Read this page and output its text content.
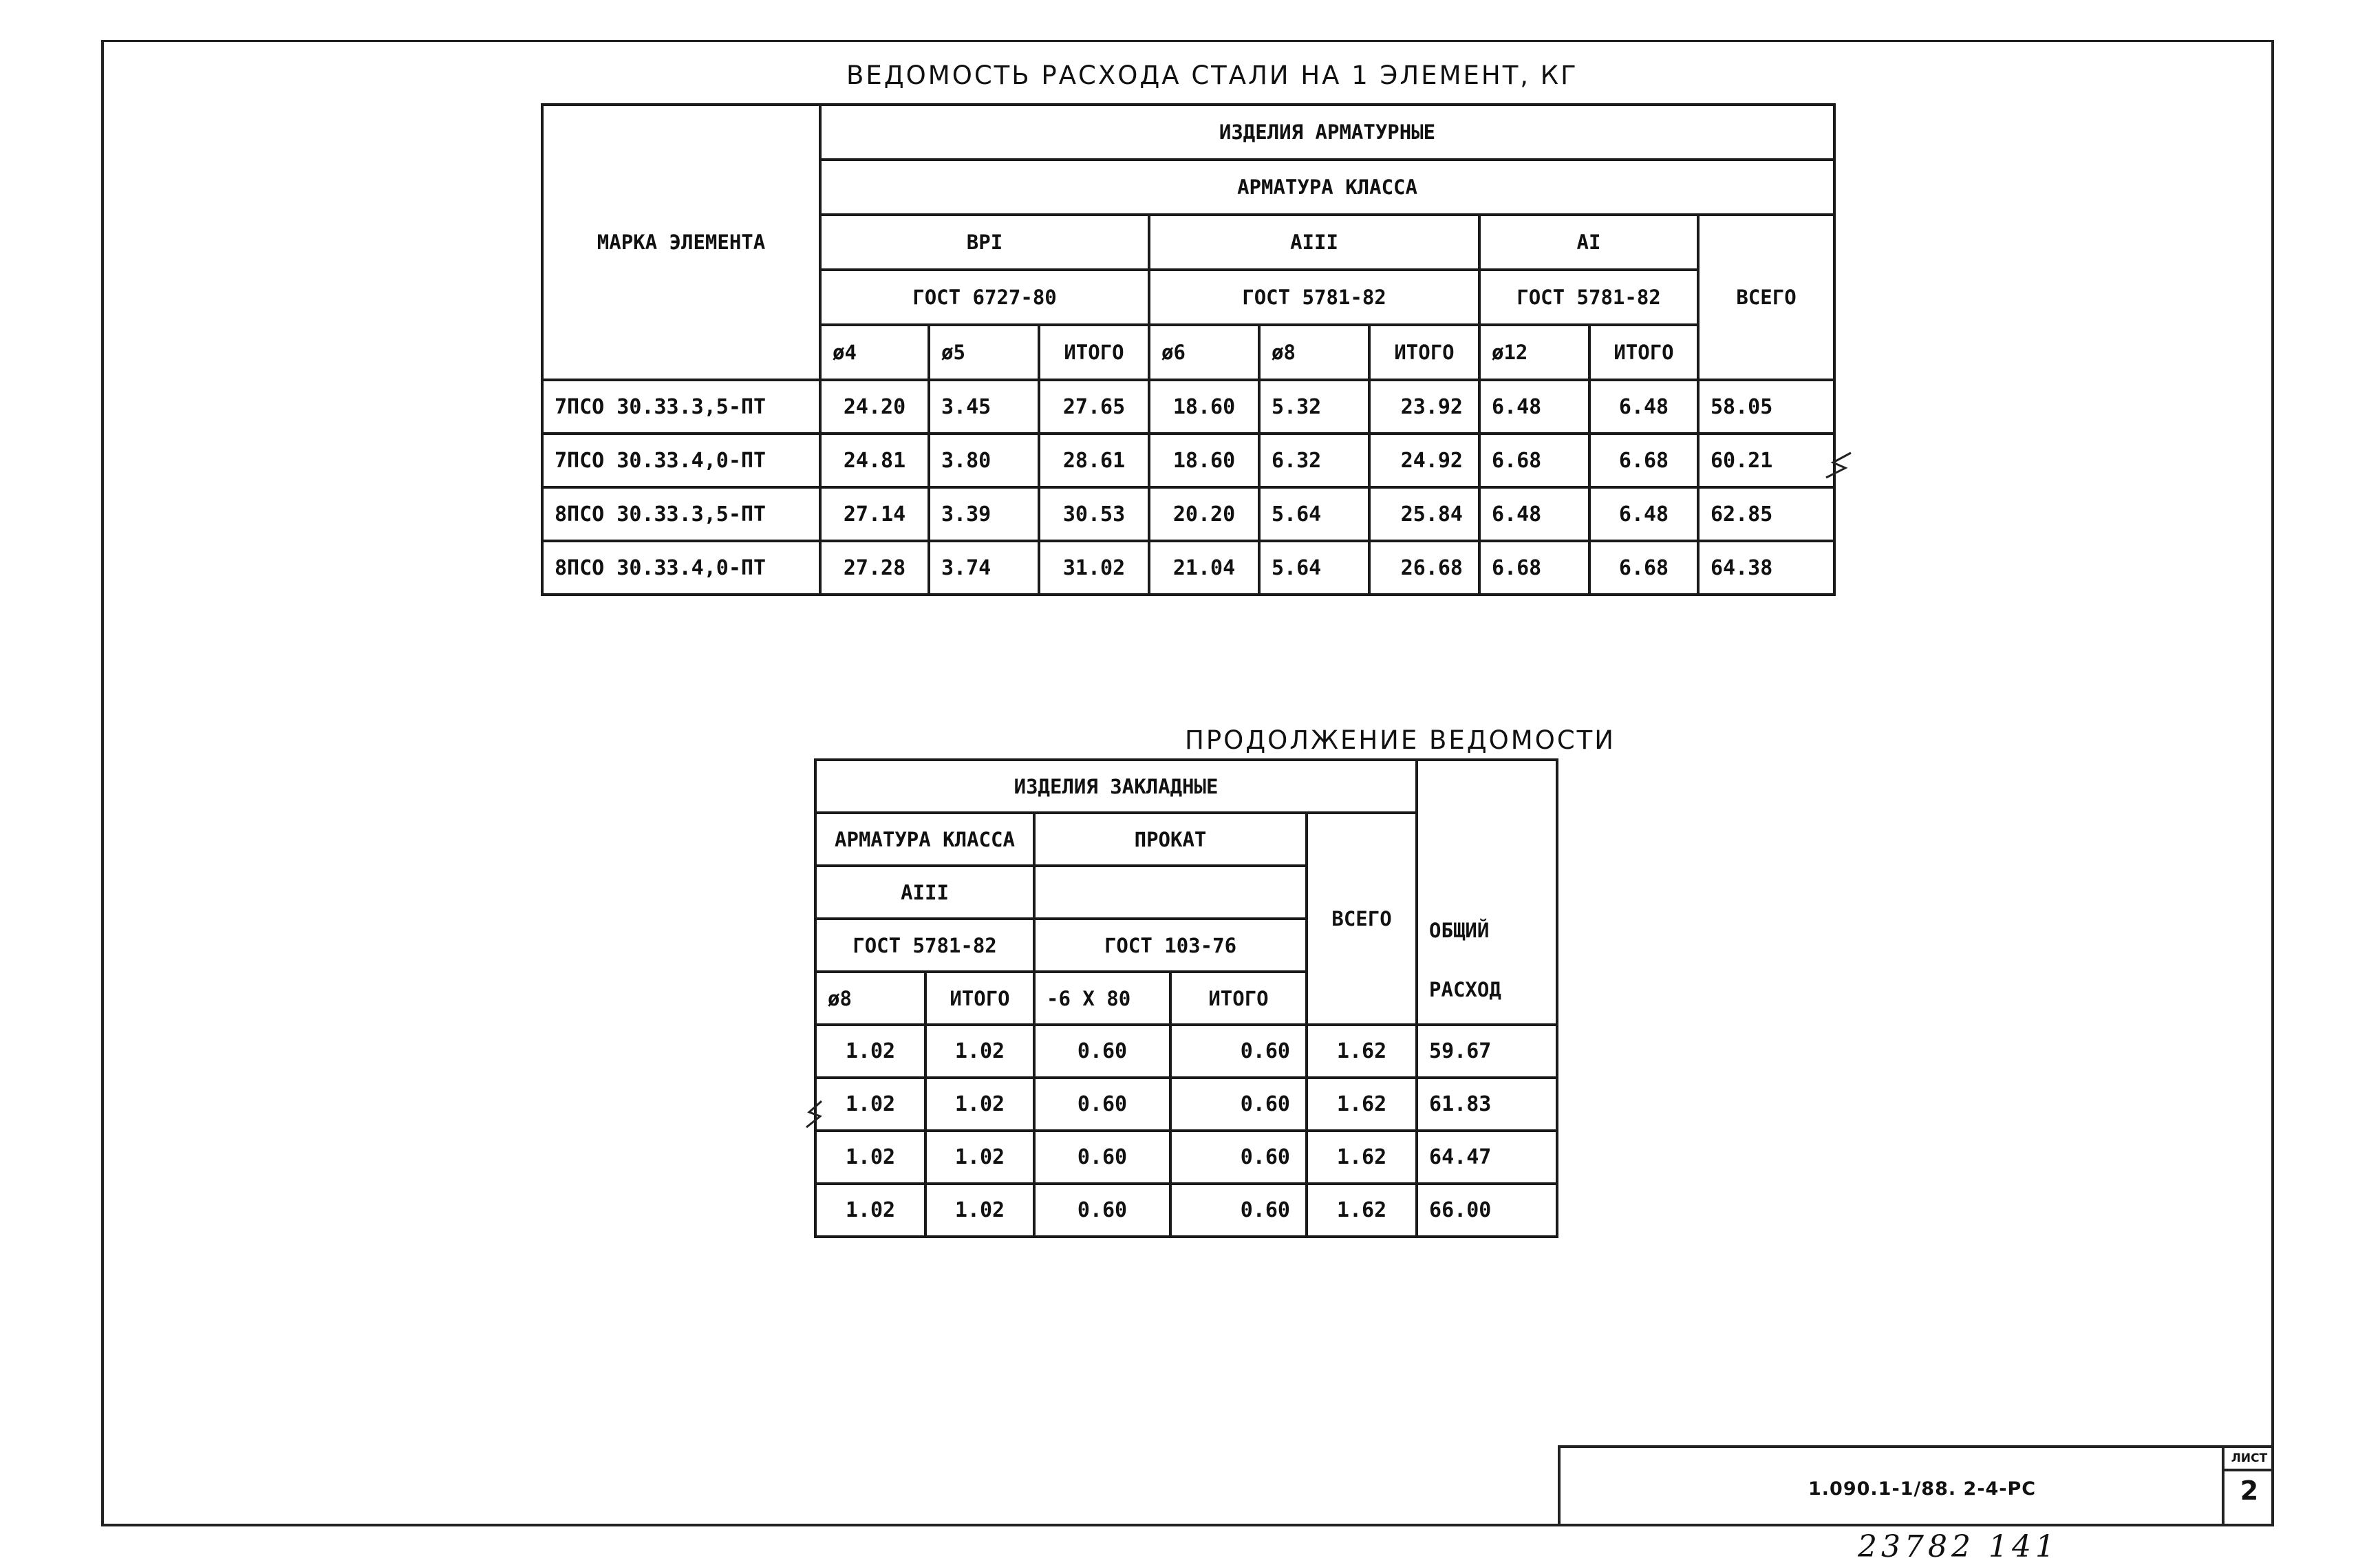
ВЕДОМОСТЬ РАСХОДА СТАЛИ НА 1 ЭЛЕМЕНТ, КГ
МАРКА ЭЛЕМЕНТА	ИЗДЕЛИЯ АРМАТУРНЫЕ								
	АРМАТУРА КЛАССА								
	ВРI			АIII			АI		ВСЕГО
	ГОСТ 6727-80			ГОСТ 5781-82			ГОСТ 5781-82		
	ø4	ø5	ИТОГО	ø6	ø8	ИТОГО	ø12	ИТОГО	
7ПСО 30.33.3,5-ПТ	24.20	3.45	27.65	18.60	5.32	23.92	6.48	6.48	58.05
7ПСО 30.33.4,0-ПТ	24.81	3.80	28.61	18.60	6.32	24.92	6.68	6.68	60.21
8ПСО 30.33.3,5-ПТ	27.14	3.39	30.53	20.20	5.64	25.84	6.48	6.48	62.85
8ПСО 30.33.4,0-ПТ	27.28	3.74	31.02	21.04	5.64	26.68	6.68	6.68	64.38
ПРОДОЛЖЕНИЕ ВЕДОМОСТИ
ИЗДЕЛИЯ ЗАКЛАДНЫЕ					ОБЩИЙ
РАСХОД

АРМАТУРА КЛАССА		ПРОКАТ		ВСЕГО	
АIII					
ГОСТ 5781-82		ГОСТ 103-76			
ø8	ИТОГО	-6 X 80	ИТОГО		
1.02	1.02	0.60	0.60	1.62	59.67
1.02	1.02	0.60	0.60	1.62	61.83
1.02	1.02	0.60	0.60	1.62	64.47
1.02	1.02	0.60	0.60	1.62	66.00
1.090.1-1/88. 2-4-РС
ЛИСТ
2
23782 141
